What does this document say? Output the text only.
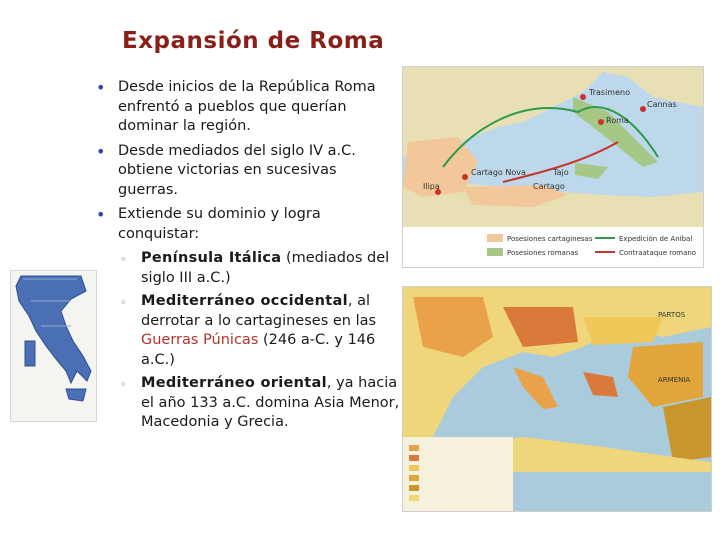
Expansión de Roma
• Desde inicios de la República Roma enfrentó a pueblos que querían dominar la región.
• Desde mediados del siglo IV a.C. obtiene victorias en sucesivas guerras.
• Extiende su dominio y logra conquistar:
◦ Península Itálica (mediados del siglo III a.C.)
◦ Mediterráneo occidental, al derrotar a lo cartagineses en las Guerras Púnicas (246 a-C. y 146 a.C.)
◦ Mediterráneo oriental, ya hacia el año 133 a.C. domina Asia Menor, Macedonia y Grecia.
Trasimeno
Cannas
Roma
Cartago Nova	Tajo
Cartago
Ilipa
Posesiones cartaginesas
Posesiones romanas
Expedición de Aníbal
Contraataque romano
PARTOS
ARMENIA
